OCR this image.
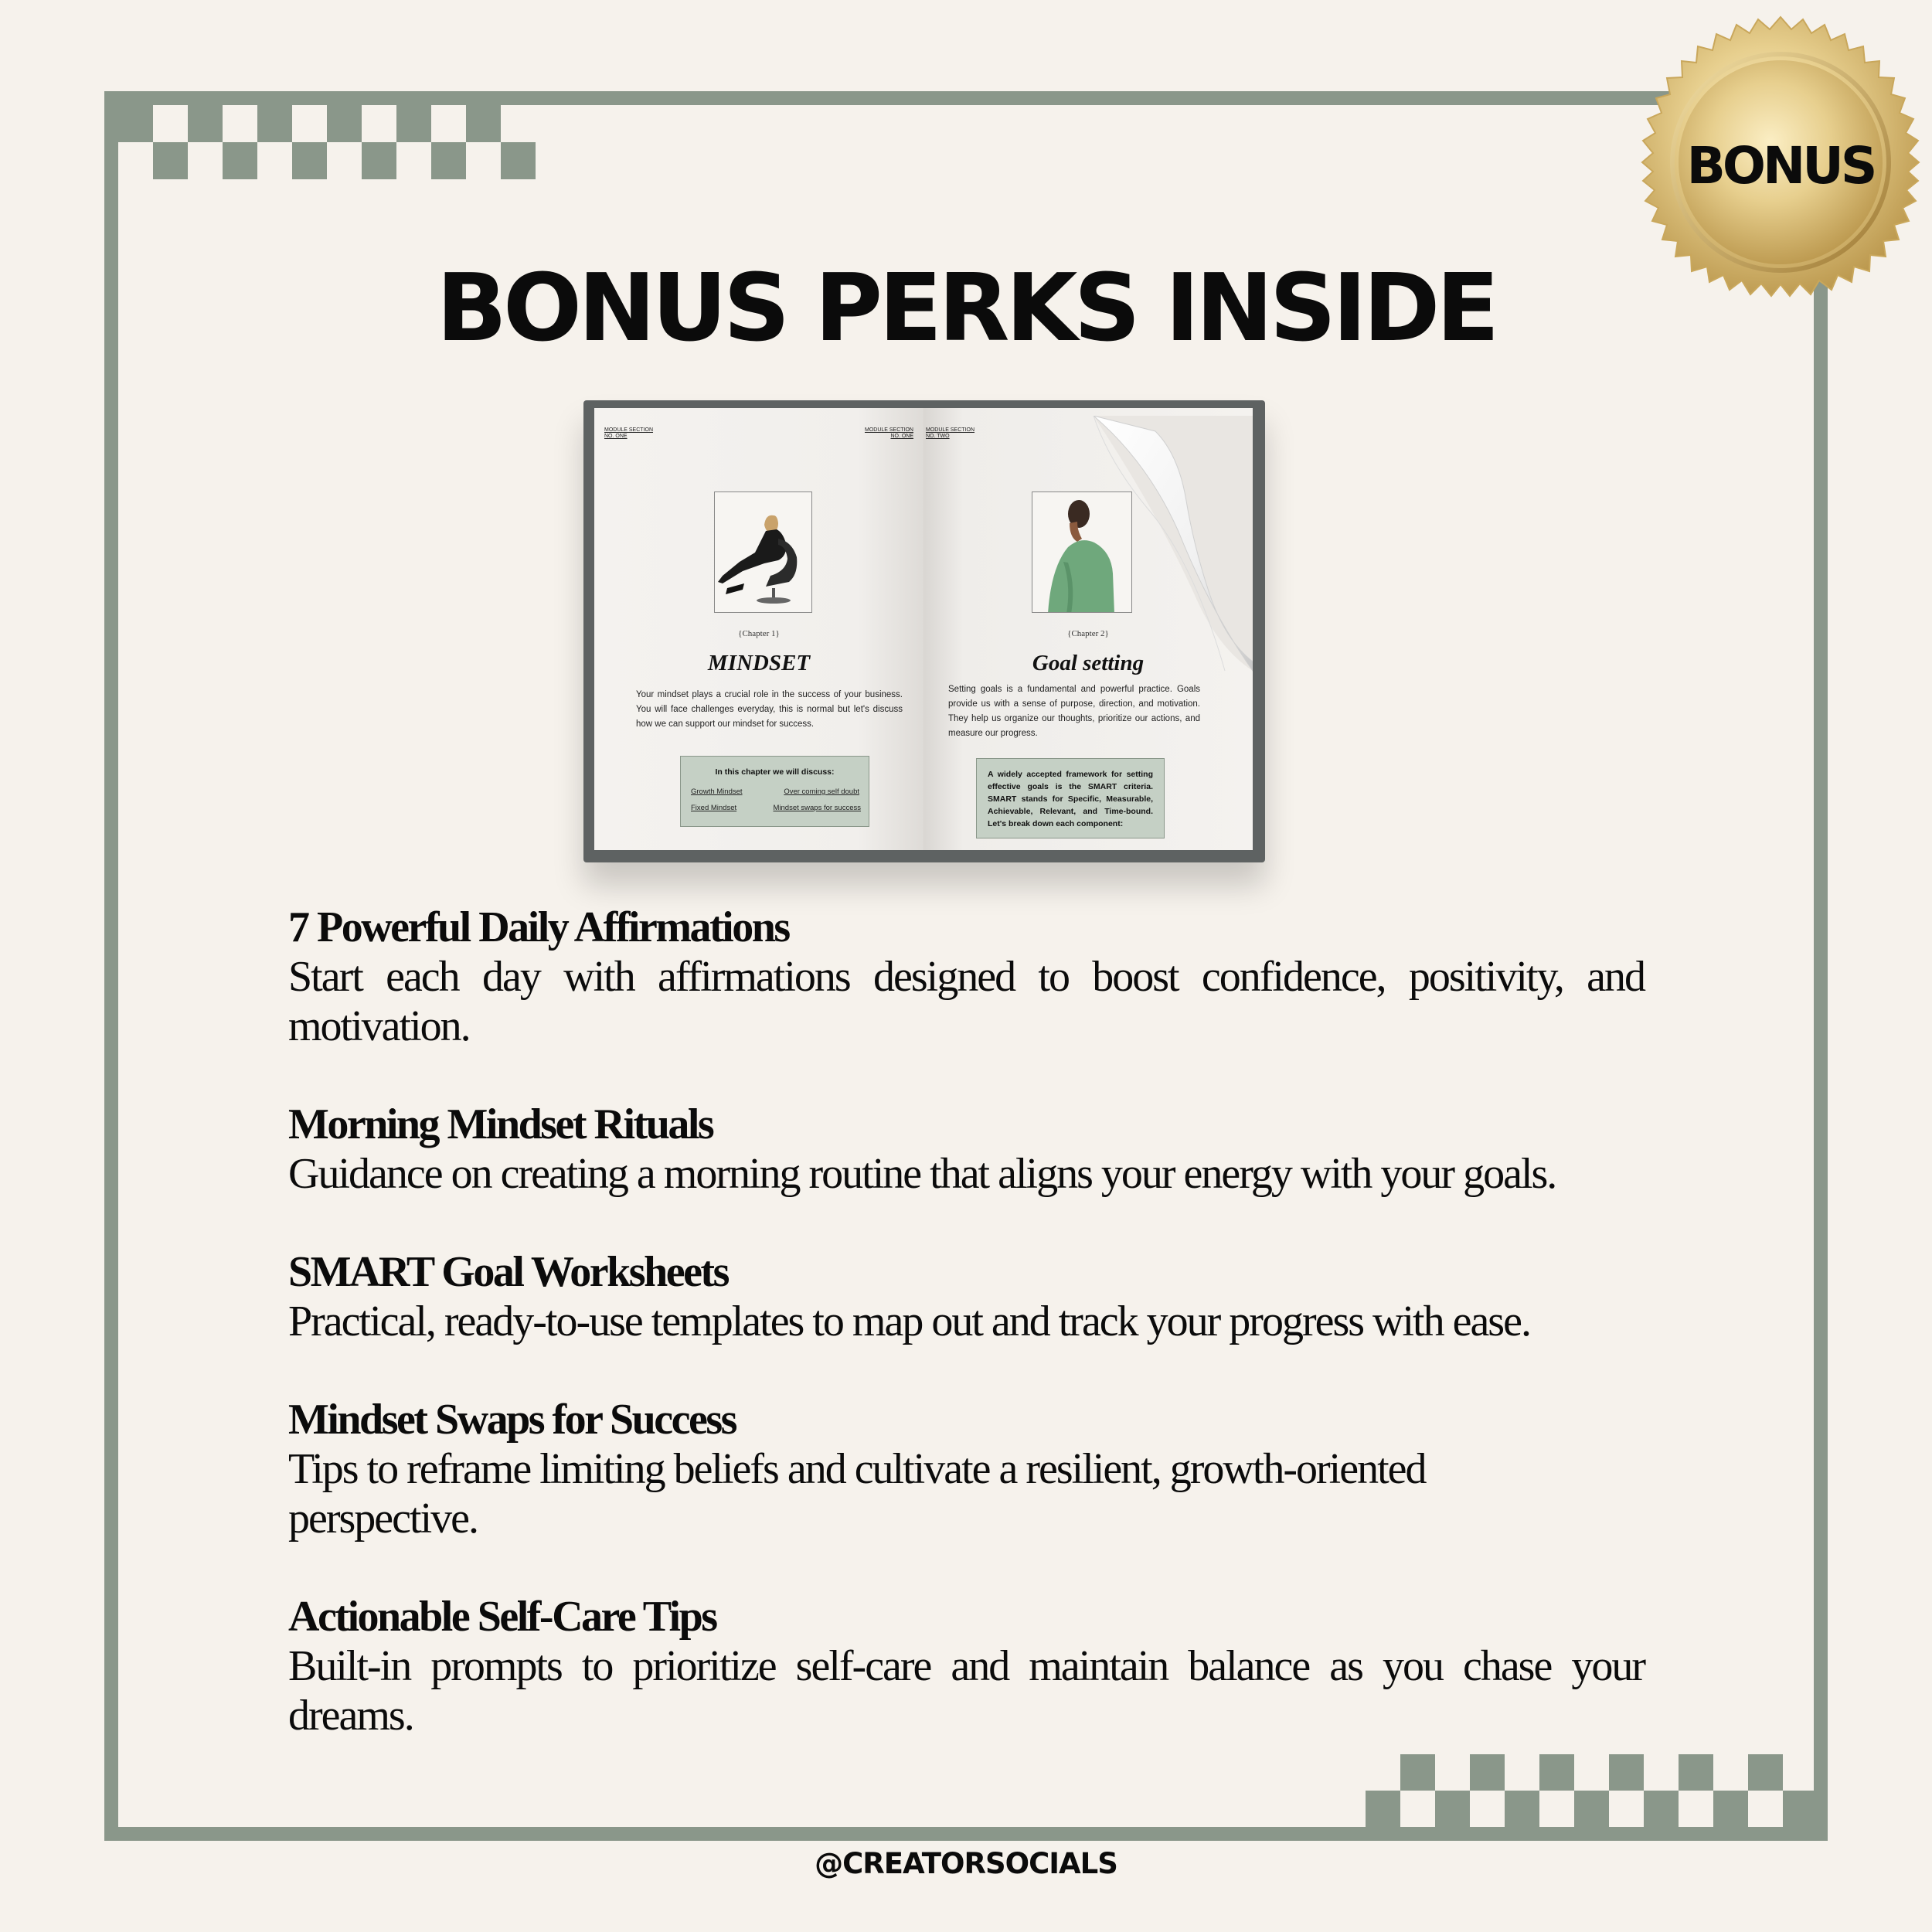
BONUS
BONUS PERKS INSIDE
MODULE SECTION
NO. ONE
MODULE SECTION
NO. ONE
{Chapter 1}
MINDSET
Your mindset plays a crucial role in the success of your business. You will face challenges everyday, this is normal but let's discuss how we can support our mindset for success.
In this chapter we will discuss:
Growth Mindset	Over coming self doubt
Fixed Mindset	Mindset swaps for success
MODULE SECTION
NO. TWO
{Chapter 2}
Goal setting
Setting goals is a fundamental and powerful practice. Goals provide us with a sense of purpose, direction, and motivation. They help us organize our thoughts, prioritize our actions, and measure our progress.
A widely accepted framework for setting effective goals is the SMART criteria. SMART stands for Specific, Measurable, Achievable, Relevant, and Time-bound. Let's break down each component:
7 Powerful Daily Affirmations
Start each day with affirmations designed to boost confidence, positivity, and motivation.
Morning Mindset Rituals
Guidance on creating a morning routine that aligns your energy with your goals.
SMART Goal Worksheets
Practical, ready-to-use templates to map out and track your progress with ease.
Mindset Swaps for Success
Tips to reframe limiting beliefs and cultivate a resilient, growth-oriented perspective.
Actionable Self-Care Tips
Built-in prompts to prioritize self-care and maintain balance as you chase your dreams.
@CREATORSOCIALS
